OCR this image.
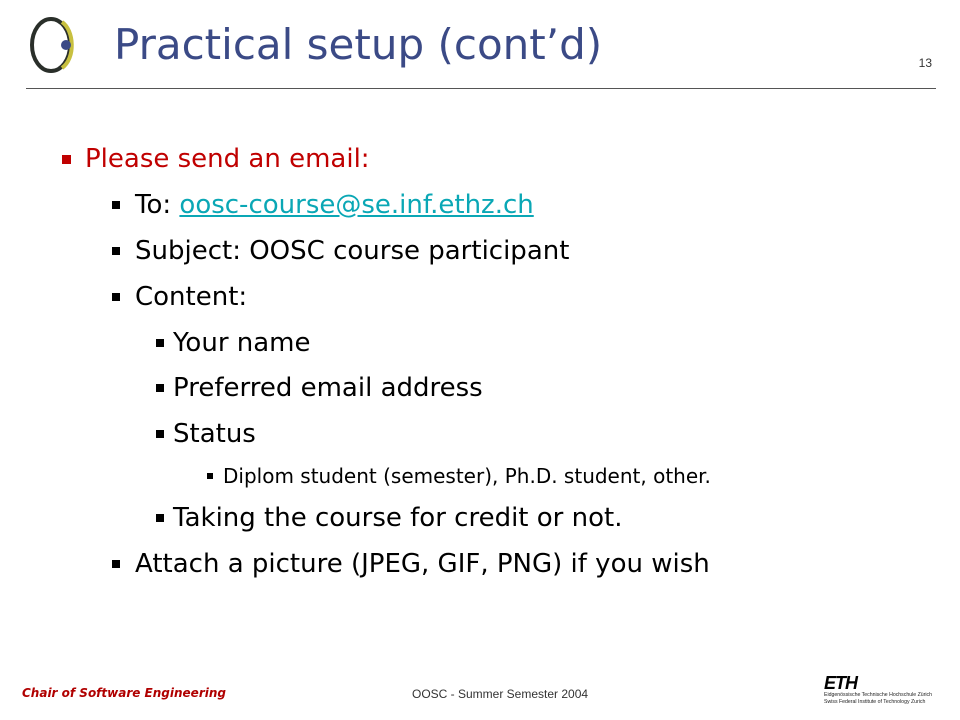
Practical setup (cont’d)	13
Please send an email:
To: oosc-course@se.inf.ethz.ch
Subject: OOSC course participant
Content:
Your name
Preferred email address
Status
Diplom student (semester), Ph.D. student, other.
Taking the course for credit or not.
Attach a picture (JPEG, GIF, PNG) if you wish
Chair of Software Engineering	OOSC - Summer Semester 2004
ETH
Eidgenössische Technische Hochschule Zürich
Swiss Federal Institute of Technology Zurich
